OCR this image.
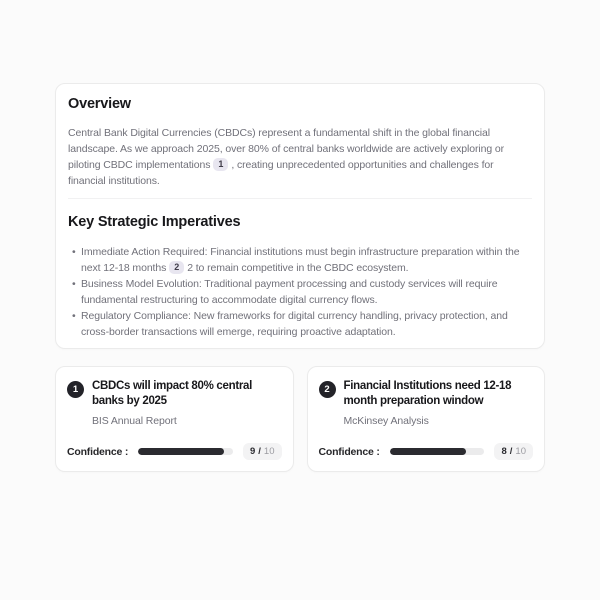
Overview

Central Bank Digital Currencies (CBDCs) represent a fundamental shift in the global financial landscape. As we approach 2025, over 80% of central banks worldwide are actively exploring or piloting CBDC implementations 1 , creating unprecedented opportunities and challenges for financial institutions.

Key Strategic Imperatives
• Immediate Action Required: Financial institutions must begin infrastructure preparation within the next 12-18 months 2 2 to remain competitive in the CBDC ecosystem.
• Business Model Evolution: Traditional payment processing and custody services will require fundamental restructuring to accommodate digital currency flows.
• Regulatory Compliance: New frameworks for digital currency handling, privacy protection, and cross-border transactions will emerge, requiring proactive adaptation.
1	CBDCs will impact 80% central banks by 2025
BIS Annual Report
Confidence :	9 / 10
2	Financial Institutions need 12-18 month preparation window
McKinsey Analysis
Confidence :	8 / 10
